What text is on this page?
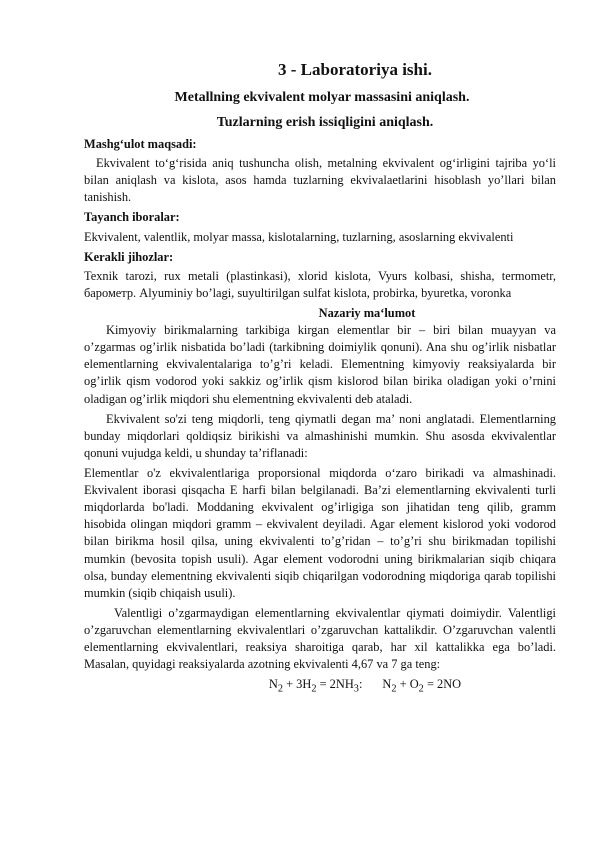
3 - Laboratoriya ishi.
Metallning ekvivalent molyar massasini aniqlash.
Tuzlarning erish issiqligini aniqlash.
Mashg‘ulot maqsadi:

Ekvivalent to‘g‘risida aniq tushuncha olish, metalning ekvivalent og‘irligini tajriba yo‘li bilan aniqlash va kislota, asos hamda tuzlarning ekvivalaetlarini hisoblash yo’llari bilan tanishish.

Tayanch iboralar:

Ekvivalent, valentlik, molyar massa, kislotalarning, tuzlarning, asoslarning ekvivalenti

Kerakli jihozlar:

Texnik tarozi, rux metali (plastinkasi), xlorid kislota, Vyurs kolbasi, shisha, termometr, барометр. Alyuminiy bo’lagi, suyultirilgan sulfat kislota, probirka, byuretka, voronka

Nazariy ma‘lumot

Kimyoviy birikmalarning tarkibiga kirgan elementlar bir – biri bilan muayyan va o’zgarmas og’irlik nisbatida bo’ladi (tarkibning doimiylik qonuni). Ana shu og’irlik nisbatlar elementlarning ekvivalentalariga to’g’ri keladi. Elementning kimyoviy reaksiyalarda bir og’irlik qism vodorod yoki sakkiz og’irlik qism kislorod bilan birika oladigan yoki o’rnini oladigan og’irlik miqdori shu elementning ekvivalenti deb ataladi.

Ekvivalent so'zi teng miqdorli, teng qiymatli degan ma’ noni anglatadi. Elementlarning bunday miqdorlari qoldiqsiz birikishi va almashinishi mumkin. Shu asosda ekvivalentlar qonuni vujudga keldi, u shunday ta’riflanadi:

Elementlar o'z ekvivalentlariga proporsional miqdorda o‘zaro birikadi va almashinadi. Ekvivalent iborasi qisqacha E harfi bilan belgilanadi. Ba’zi elementlarning ekvivalenti turli miqdorlarda bo'ladi. Moddaning ekvivalent og’irligiga son jihatidan teng qilib, gramm hisobida olingan miqdori gramm – ekvivalent deyiladi. Agar element kislorod yoki vodorod bilan birikma hosil qilsa, uning ekvivalenti to’g’ridan – to’g’ri shu birikmadan topilishi mumkin (bevosita topish usuli). Agar element vodorodni uning birikmalarian siqib chiqara olsa, bunday elementning ekvivalenti siqib chiqarilgan vodorodning miqdoriga qarab topilishi mumkin (siqib chiqaish usuli).

Valentligi o’zgarmaydigan elementlarning ekvivalentlar qiymati doimiydir. Valentligi o’zgaruvchan elementlarning ekvivalentlari o’zgaruvchan kattalikdir. O’zgaruvchan valentli elementlarning ekvivalentlari, reaksiya sharoitiga qarab, har xil kattalikka ega bo’ladi. Masalan, quyidagi reaksiyalarda azotning ekvivalenti 4,67 va 7 ga teng:

$N_2 + 3H_2 = 2NH_3$: $N_2 + O_2 = 2NO$
